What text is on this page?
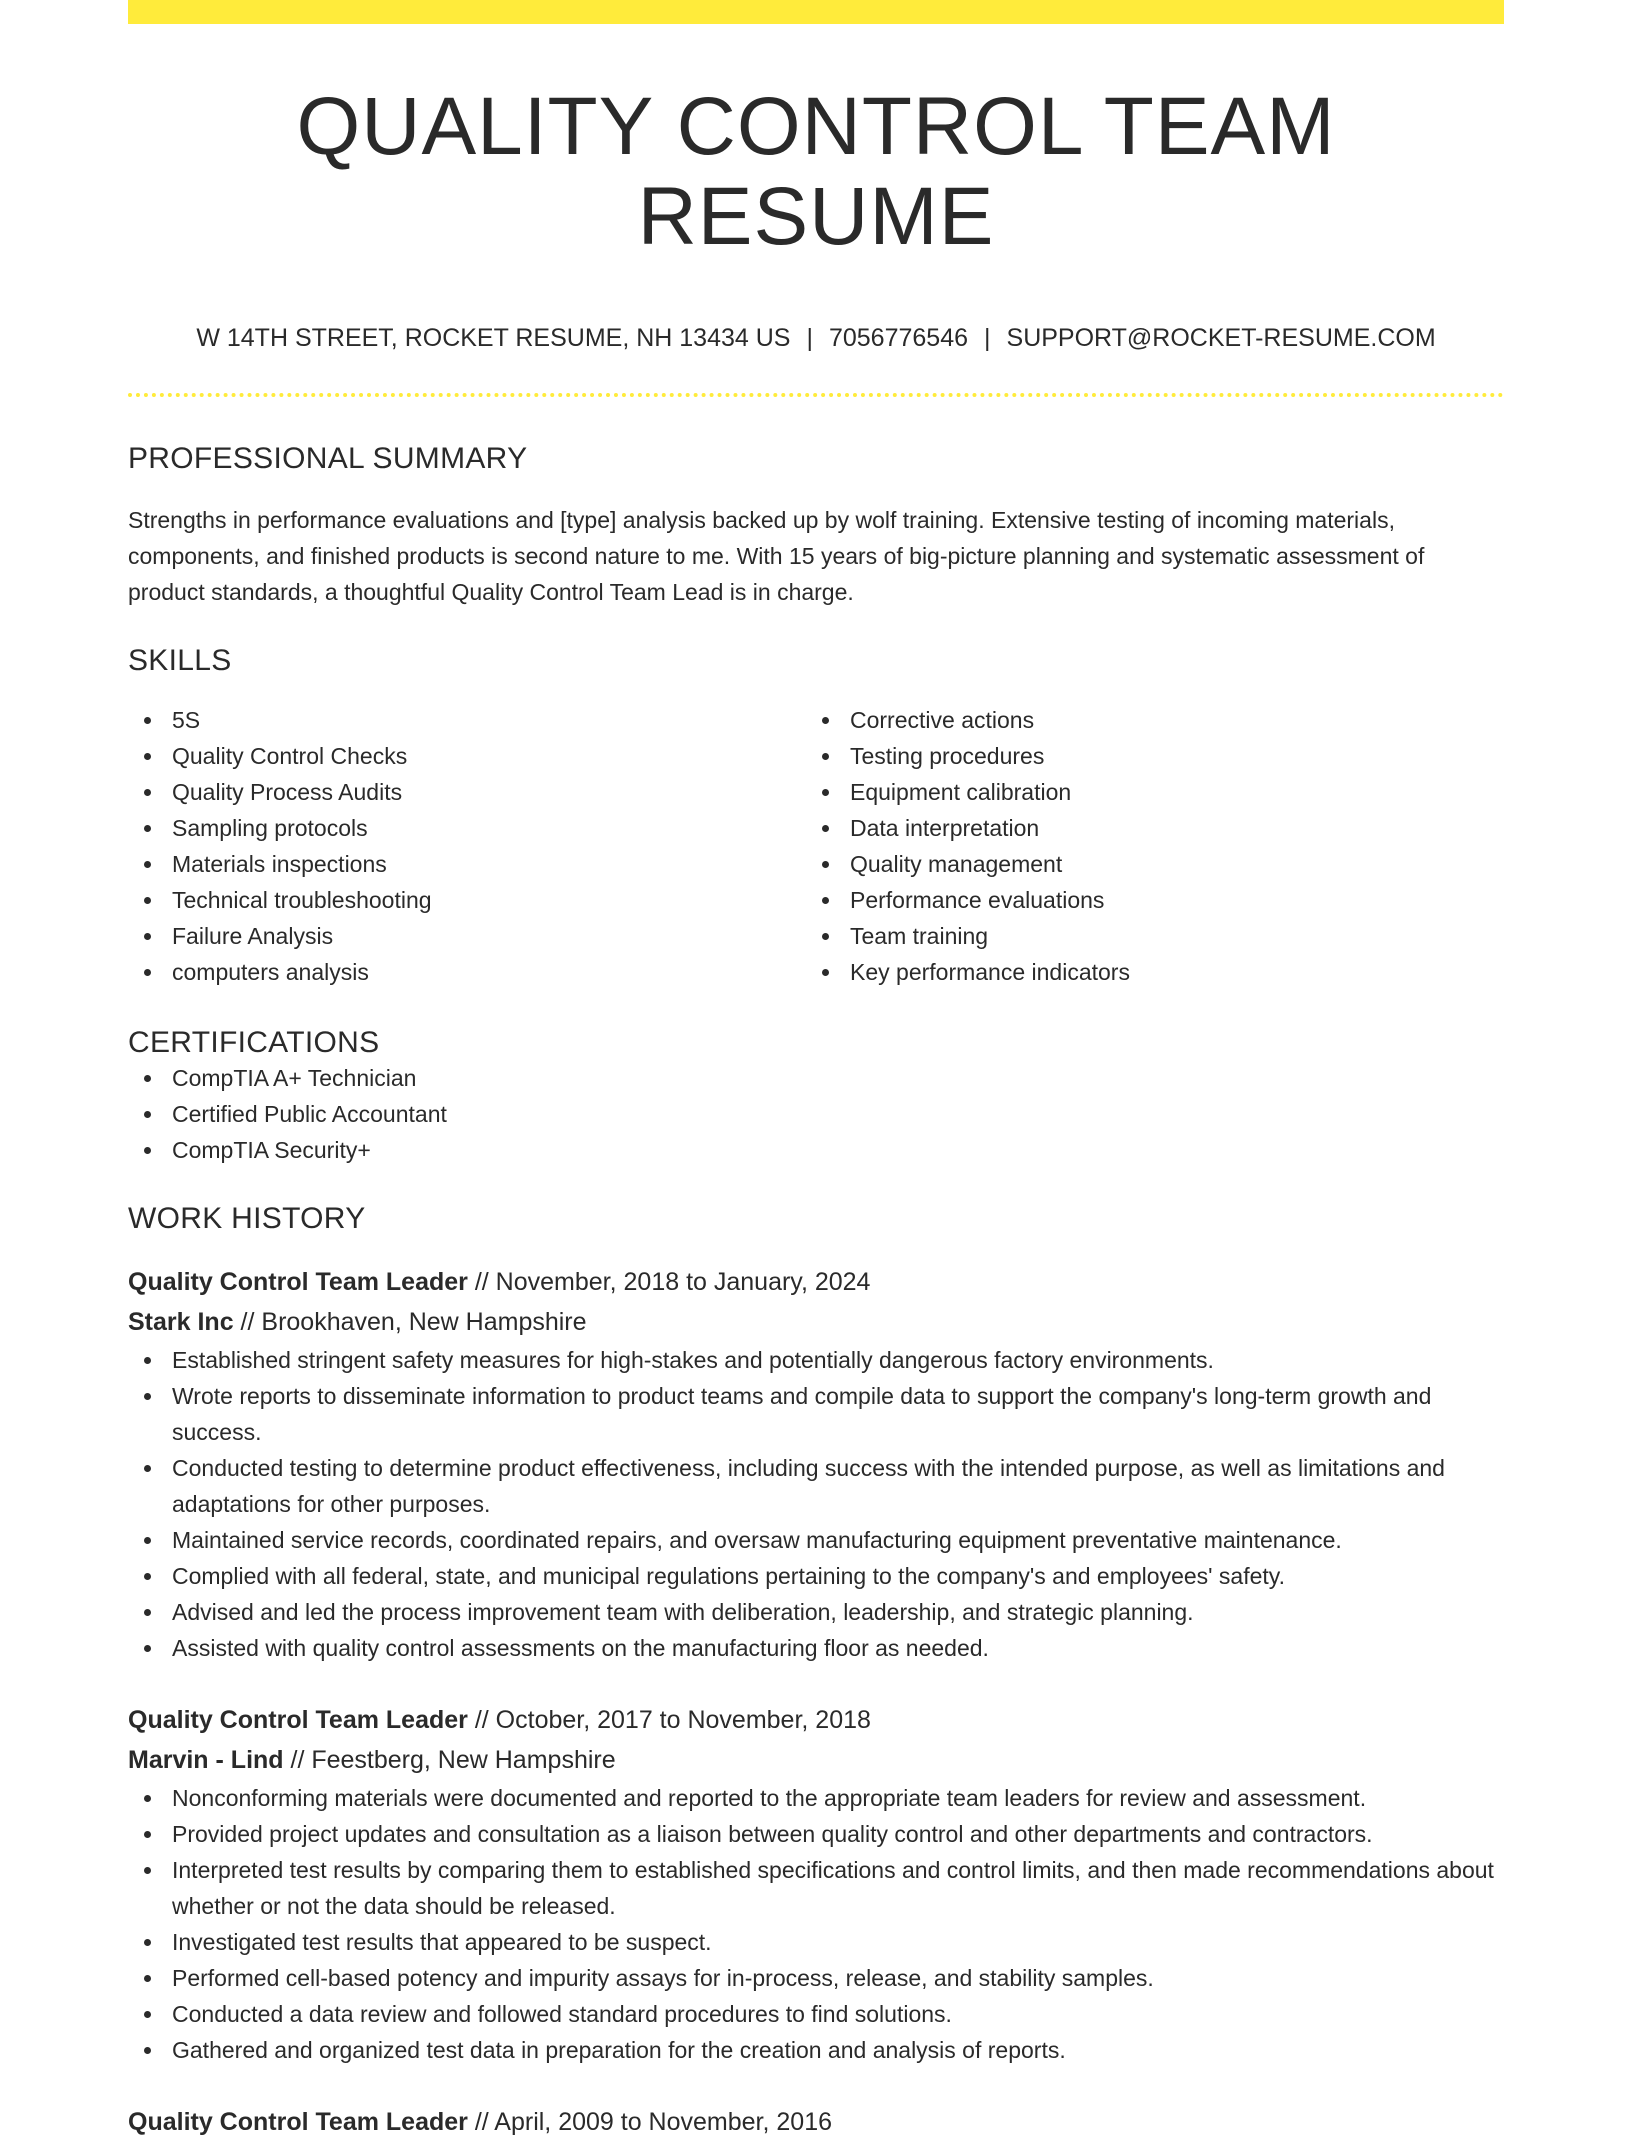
QUALITY CONTROL TEAM RESUME
W 14TH STREET, ROCKET RESUME, NH 13434 US | 7056776546 | SUPPORT@ROCKET-RESUME.COM
PROFESSIONAL SUMMARY

Strengths in performance evaluations and [type] analysis backed up by wolf training. Extensive testing of incoming materials, components, and finished products is second nature to me. With 15 years of big-picture planning and systematic assessment of product standards, a thoughtful Quality Control Team Lead is in charge.

SKILLS
5S
Quality Control Checks
Quality Process Audits
Sampling protocols
Materials inspections
Technical troubleshooting
Failure Analysis
computers analysis
Corrective actions
Testing procedures
Equipment calibration
Data interpretation
Quality management
Performance evaluations
Team training
Key performance indicators
CERTIFICATIONS
CompTIA A+ Technician
Certified Public Accountant
CompTIA Security+
WORK HISTORY
Quality Control Team Leader // November, 2018 to January, 2024
Stark Inc // Brookhaven, New Hampshire
Established stringent safety measures for high-stakes and potentially dangerous factory environments.
Wrote reports to disseminate information to product teams and compile data to support the company's long-term growth and success.
Conducted testing to determine product effectiveness, including success with the intended purpose, as well as limitations and adaptations for other purposes.
Maintained service records, coordinated repairs, and oversaw manufacturing equipment preventative maintenance.
Complied with all federal, state, and municipal regulations pertaining to the company's and employees' safety.
Advised and led the process improvement team with deliberation, leadership, and strategic planning.
Assisted with quality control assessments on the manufacturing floor as needed.
Quality Control Team Leader // October, 2017 to November, 2018
Marvin - Lind // Feestberg, New Hampshire
Nonconforming materials were documented and reported to the appropriate team leaders for review and assessment.
Provided project updates and consultation as a liaison between quality control and other departments and contractors.
Interpreted test results by comparing them to established specifications and control limits, and then made recommendations about whether or not the data should be released.
Investigated test results that appeared to be suspect.
Performed cell-based potency and impurity assays for in-process, release, and stability samples.
Conducted a data review and followed standard procedures to find solutions.
Gathered and organized test data in preparation for the creation and analysis of reports.
Quality Control Team Leader // April, 2009 to November, 2016
